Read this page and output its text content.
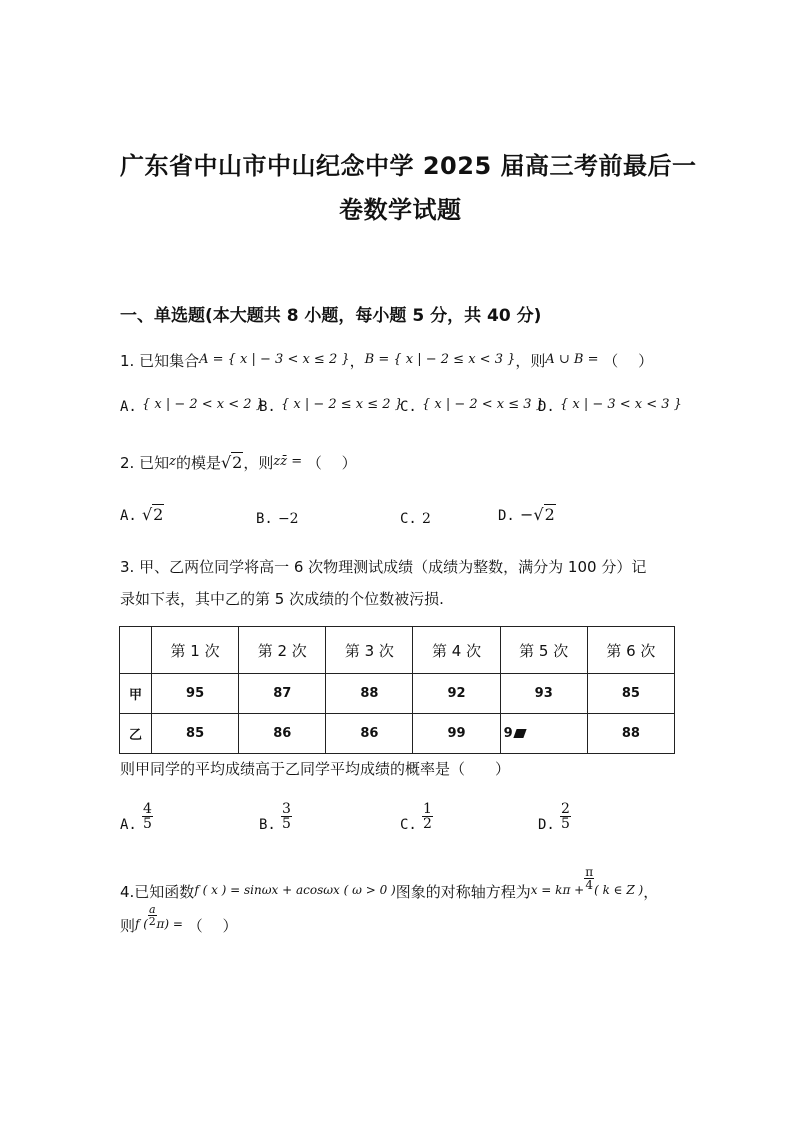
广东省中山市中山纪念中学 2025 届高三考前最后一
卷数学试题
一、单选题(本大题共 8 小题，每小题 5 分，共 40 分)
1. 已知集合A = { x | − 3 < x ≤ 2 }，B = { x | − 2 ≤ x < 3 }，则A ∪ B = （　 ）
A. { x | − 2 < x < 2 }
B. { x | − 2 ≤ x ≤ 2 }
C. { x | − 2 < x ≤ 3 }
D. { x | − 3 < x < 3 }
2. 已知z的模是√2，则zz̄ = （　 ）
A. √2	B. −2	C. 2	D. −√2
3. 甲、乙两位同学将高一 6 次物理测试成绩（成绩为整数，满分为 100 分）记
录如下表，其中乙的第 5 次成绩的个位数被污损.
	第 1 次	第 2 次	第 3 次	第 4 次	第 5 次	第 6 次
甲	95	87	88	92	93	85
乙	85	86	86	99	9	88
则甲同学的平均成绩高于乙同学平均成绩的概率是（　　）
A. $\frac{4}{5}$	B. $\frac{3}{5}$	C. $\frac{1}{2}$	D. $\frac{2}{5}$
4.已知函数$^{f ( x ) = sin\omega x + acos\omega x ( \omega > 0 )}$图象的对称轴方程为$^{x = k\pi +} \frac{\pi}{4} ^{( k \in Z )}$，
则$^{f (} \frac{a}{2} ^{\pi) =}$ （　 ）
